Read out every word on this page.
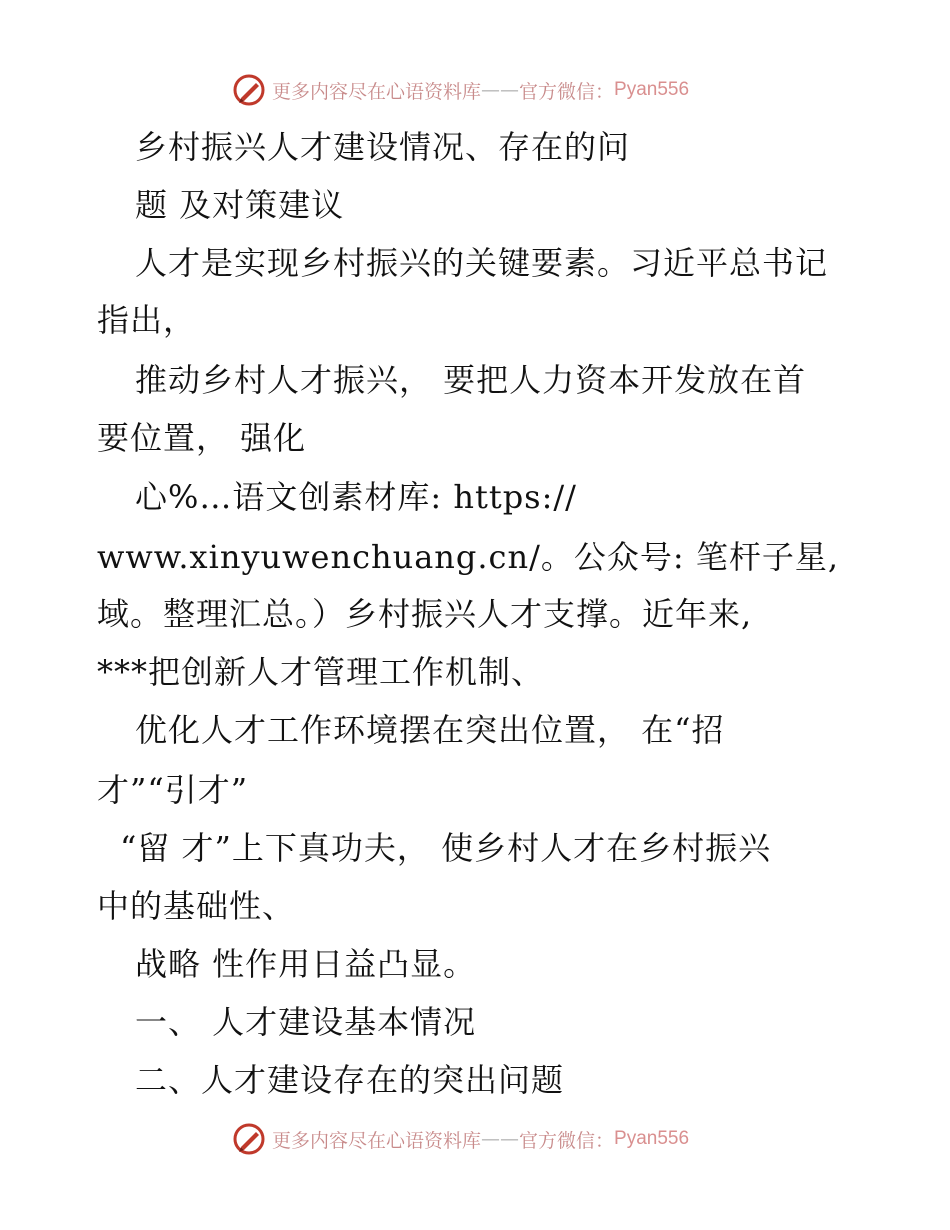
更多内容尽在心语资料库 —— 官方微信： Pyan556
乡村振兴人才建设情况、存在的问
题 及对策建议
人才是实现乡村振兴的关键要素。习近平总书记
指出，
推动乡村人才振兴， 要把人力资本开发放在首
要位置， 强化
心%…语文创素材库: https://
www.xinyuwenchuang.cn/。公众号: 笔杆子星,
域。整理汇总。）乡村振兴人才支撑。近年来,
***把创新人才管理工作机制、
优化人才工作环境摆在突出位置， 在“招
才”“引才”
“留 才”上下真功夫， 使乡村人才在乡村振兴
中的基础性、
战略 性作用日益凸显。
一、 人才建设基本情况
二、人才建设存在的突出问题
更多内容尽在心语资料库 —— 官方微信： Pyan556
